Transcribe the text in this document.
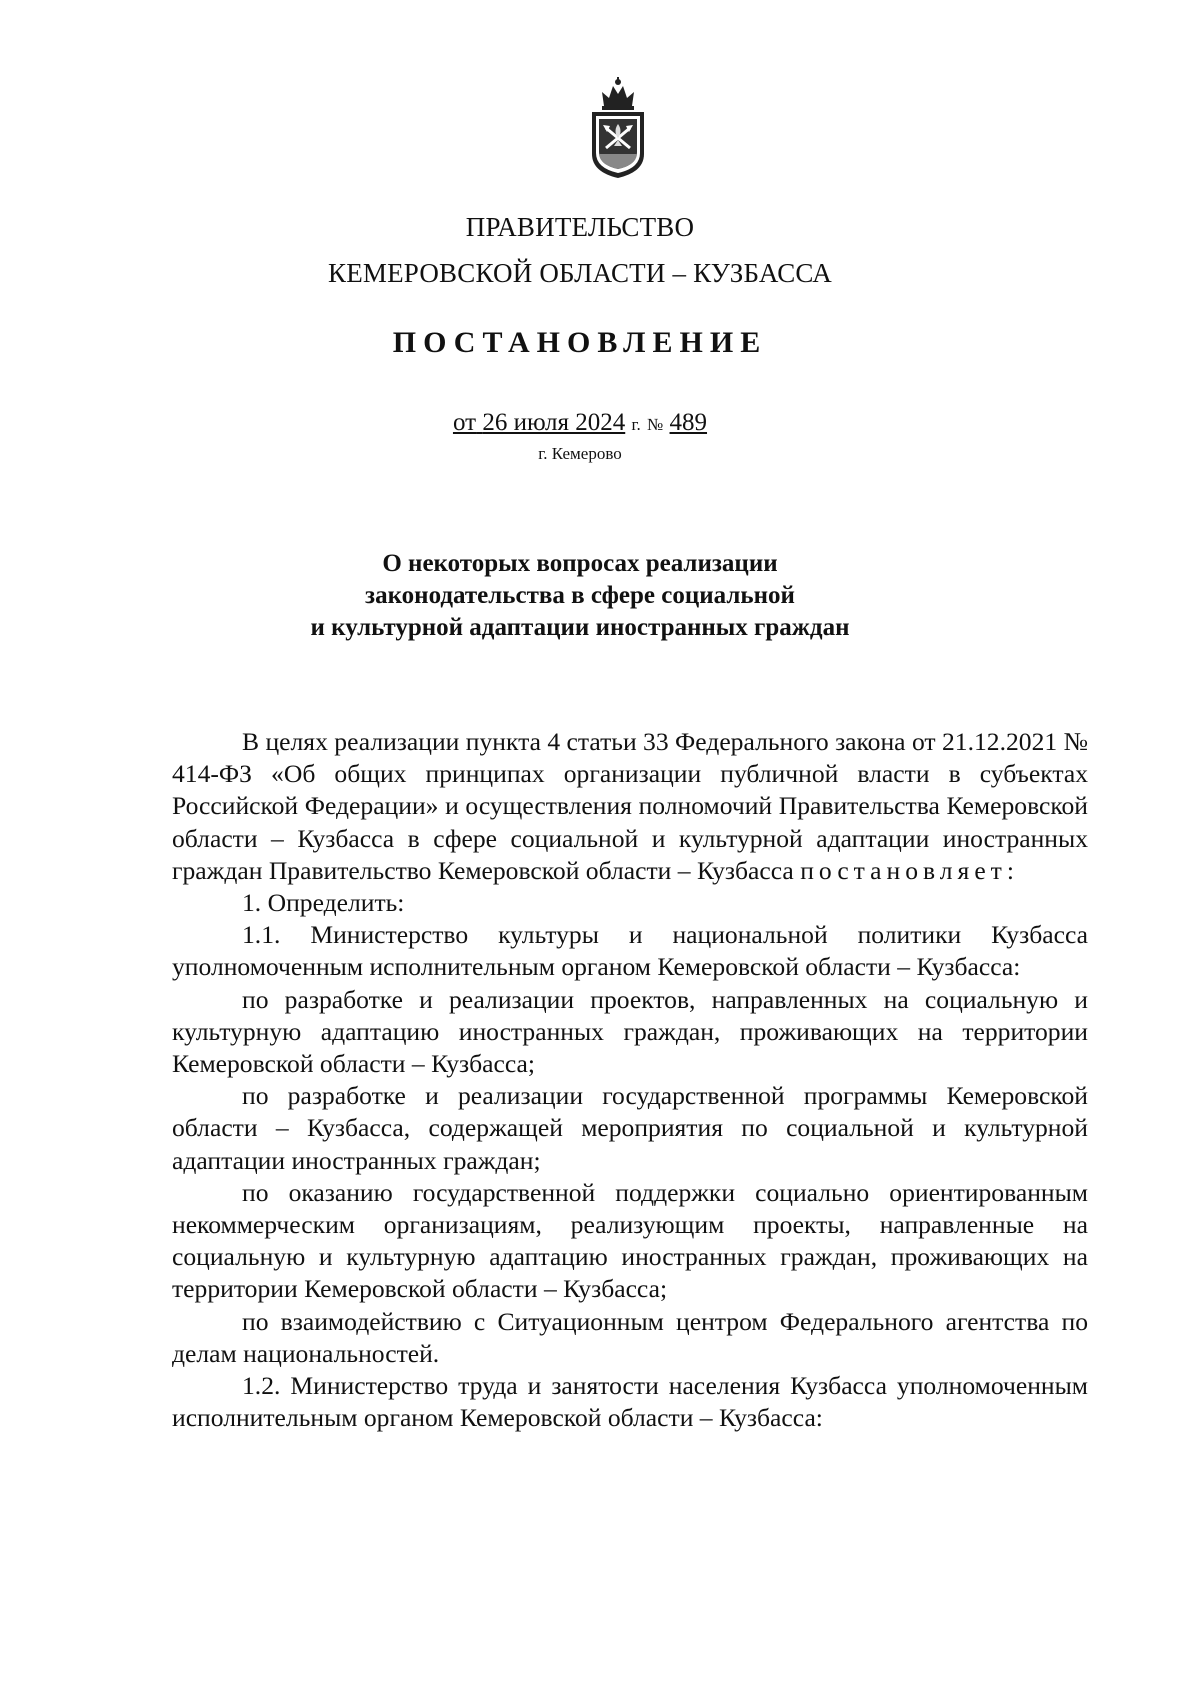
ПРАВИТЕЛЬСТВО
КЕМЕРОВСКОЙ ОБЛАСТИ – КУЗБАССА
ПОСТАНОВЛЕНИЕ
от 26 июля 2024 г. № 489
г. Кемерово
О некоторых вопросах реализации
законодательства в сфере социальной
и культурной адаптации иностранных граждан

В целях реализации пункта 4 статьи 33 Федерального закона от 21.12.2021 № 414-ФЗ «Об общих принципах организации публичной власти в субъектах Российской Федерации» и осуществления полномочий Правительства Кемеровской области – Кузбасса в сфере социальной и культурной адаптации иностранных граждан Правительство Кемеровской области – Кузбасса постановляет:

1. Определить:

1.1. Министерство культуры и национальной политики Кузбасса уполномоченным исполнительным органом Кемеровской области – Кузбасса:

по разработке и реализации проектов, направленных на социальную и культурную адаптацию иностранных граждан, проживающих на территории Кемеровской области – Кузбасса;

по разработке и реализации государственной программы Кемеровской области – Кузбасса, содержащей мероприятия по социальной и культурной адаптации иностранных граждан;

по оказанию государственной поддержки социально ориентированным некоммерческим организациям, реализующим проекты, направленные на социальную и культурную адаптацию иностранных граждан, проживающих на территории Кемеровской области – Кузбасса;

по взаимодействию с Ситуационным центром Федерального агентства по делам национальностей.

1.2. Министерство труда и занятости населения Кузбасса уполномоченным исполнительным органом Кемеровской области – Кузбасса:
